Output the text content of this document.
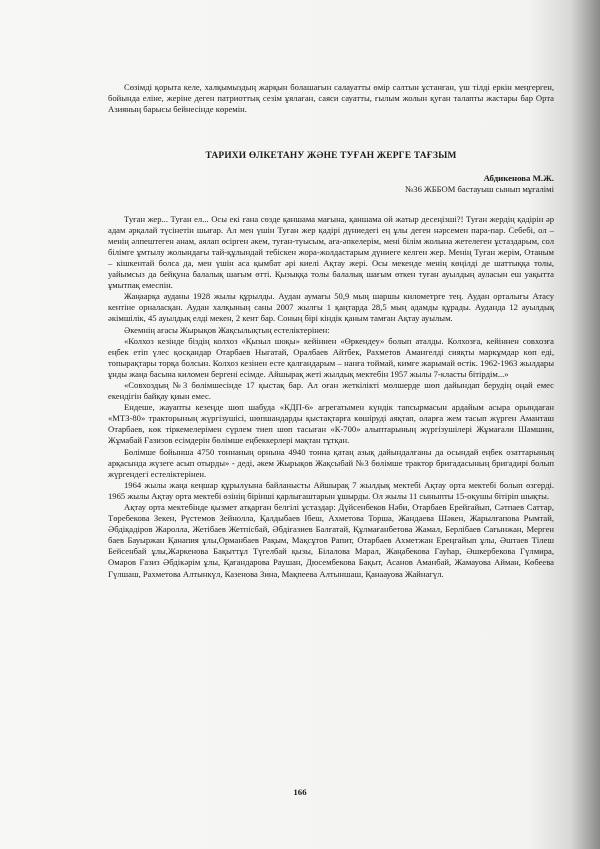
Сөзімді қорыта келе, халқымыздың жарқын болашағын салауатты өмір салтын ұстанған, үш тілді еркін меңгерген, бойында еліне, жеріне деген патриоттық сезім ұялаған, саяси сауатты, ғылым жолын қуған талапты жастары бар Орта Азияның барысы бейнесінде көремін.

ТАРИХИ ӨЛКЕТАНУ ЖӘНЕ ТУҒАН ЖЕРГЕ ТАҒЗЫМ

Абдикенова М.Ж.

№36 ЖББОМ бастауыш сынып мұғалімі

Туған жер... Туған ел... Осы екі ғана сөзде қаншама мағына, қаншама ой жатыр десеңізші?! Туған жердің қадірін әр адам әрқалай түсінетін шығар. Ал мен үшін Туған жер қадірі дүниедегі ең ұлы деген нәрсемен пара-пар. Себебі, ол – менің әлпештеген анам, аялап өсірген әкем, туған-туысым, аға-әпкелерім, мені білім жолына жетелеген ұстаздарым, сол білімге ұмтылу жолындағы тай-құлындай тебіскен жора-жолдастарым дүниеге келген жер. Менің Туған жерім, Отаным – кішкентай болса да, мен үшін аса қымбат әрі киелі Ақтау жері. Осы мекенде менің көңілді де шаттыққа толы, уайымсыз да бейқуна балалық шағым өтті. Қызыққа толы балалық шағым өткен туған ауылдың ауласын еш уақытта ұмытпақ емеспін.

Жаңаарқа ауданы 1928 жылы құрылды. Аудан аумағы 50,9 мың шаршы километрге тең. Аудан орталығы Атасу кентіне орналасқан. Аудан халқының саны 2007 жылғы 1 қаңтарда 28,5 мың адамды құрады. Ауданда 12 ауылдық әкімшілік, 45 ауылдық елді мекен, 2 кент бар. Соның бірі кіндік қаным тамған Ақтау ауылым.

Әкемнің ағасы Жырықов Жақсылықтың естеліктерінен:

«Колхоз кезінде біздің колхоз «Қызыл шоқы» кейіннен «Өркендеу» болып аталды. Колхозға, кейіннен совхозға еңбек етіп үлес қосқандар Отарбаев Ныгатай, Оралбаев Айтбек, Рахметов Амангелді сияқты маркұмдар көп еді, топырақтары торқа болсын. Колхоз кезінен есте қалғандарым – нанға тоймай, кимге жарымай өстік. 1962-1963 жылдары ұнды жаңа басына киломен бергені есімде. Айшырақ жеті жылдық мектебін 1957 жылы 7-класты бітірдім...»

«Совхоздың №3 бөлімшесінде 17 қыстақ бар. Ал оған жеткілікті мөлшерде шөп дайындап берудің оңай емес екендігін байқау қиын емес.

Ендеше, жауапты кезеңде шөп шабуда «КДП-6» агрегатымен күндік тапсырмасын ардайым асыра орындаған «МТЗ-80» тракторының жүргізушісі, шөпшандарды қыстақтарға көшіруді аяқтап, оларға жем тасып жүрген Аманташ Отарбаев, көк тіркемелерімен сүрлем тиеп шөп тасыған «К-700» алыптарының жүргізушілері Жұмағали Шамшин, Жұмабай Ғазизов есімдерін бөлімше еңбеккерлері мақтан тұтқан.

Бөлімше бойынша 4750 тоннаның орнына 4940 тонна қатаң азық дайындалғаны да осындай еңбек озаттарының арқасында жүзеге асып отырды» - деді, әкем Жырықов Жақсыбай №3 бөлімше трактор бригадасының бригадирі болып жүргендегі естеліктерінен.

1964 жылы жаңа кеңшар құрылуына байланысты Айшырақ 7 жылдық мектебі Ақтау орта мектебі болып өзгерді. 1965 жылы Ақтау орта мектебі өзінің бірінші қарлығаштарын ұшырды. Ол жылы 11 сыныпты 15-оқушы бітіріп шықты.

Ақтау орта мектебінде қызмет атқарған белгілі ұстаздар: Дүйсенбеков Нәби, Отарбаев Ерейгайып, Сәтпаев Саттар, Төребекова Зекен, Рүстемов Зейнолла, Қалдыбаев Ібеш, Ахметова Торша, Жандаева Шәкен, Жарылғапова Рымтай, Әбдіқадіров Жаролла, Жетібаев Жетпісбай, Әбдіғазиев Балғатай, Құлмағанбетова Жамал, Берлібаев Сағынжан, Мерген баев Бауыржан Қанапия ұлы,Орманбаев Рақым, Мақсұтов Рапит, Отарбаев Ахметжан Ереңгайып ұлы, Әштаев Тілеш Бейсенбай ұлы,Жәркенова Бақыттұл Түгелбай қызы, Білалова Марал, Жаңабекова Гауһар, Әшкербекова Гүлмира, Омаров Ғазиз Әбдікәрім ұлы, Қағандарова Раушан, Дюсембекова Бақыт, Асанов Аманбай, Жамауова Айман, Көбеева Гүлшаш, Рахметова Алтынкүл, Казенова Зина, Мақпеева Алтыншаш, Қанаауова Жайнагүл.

166
